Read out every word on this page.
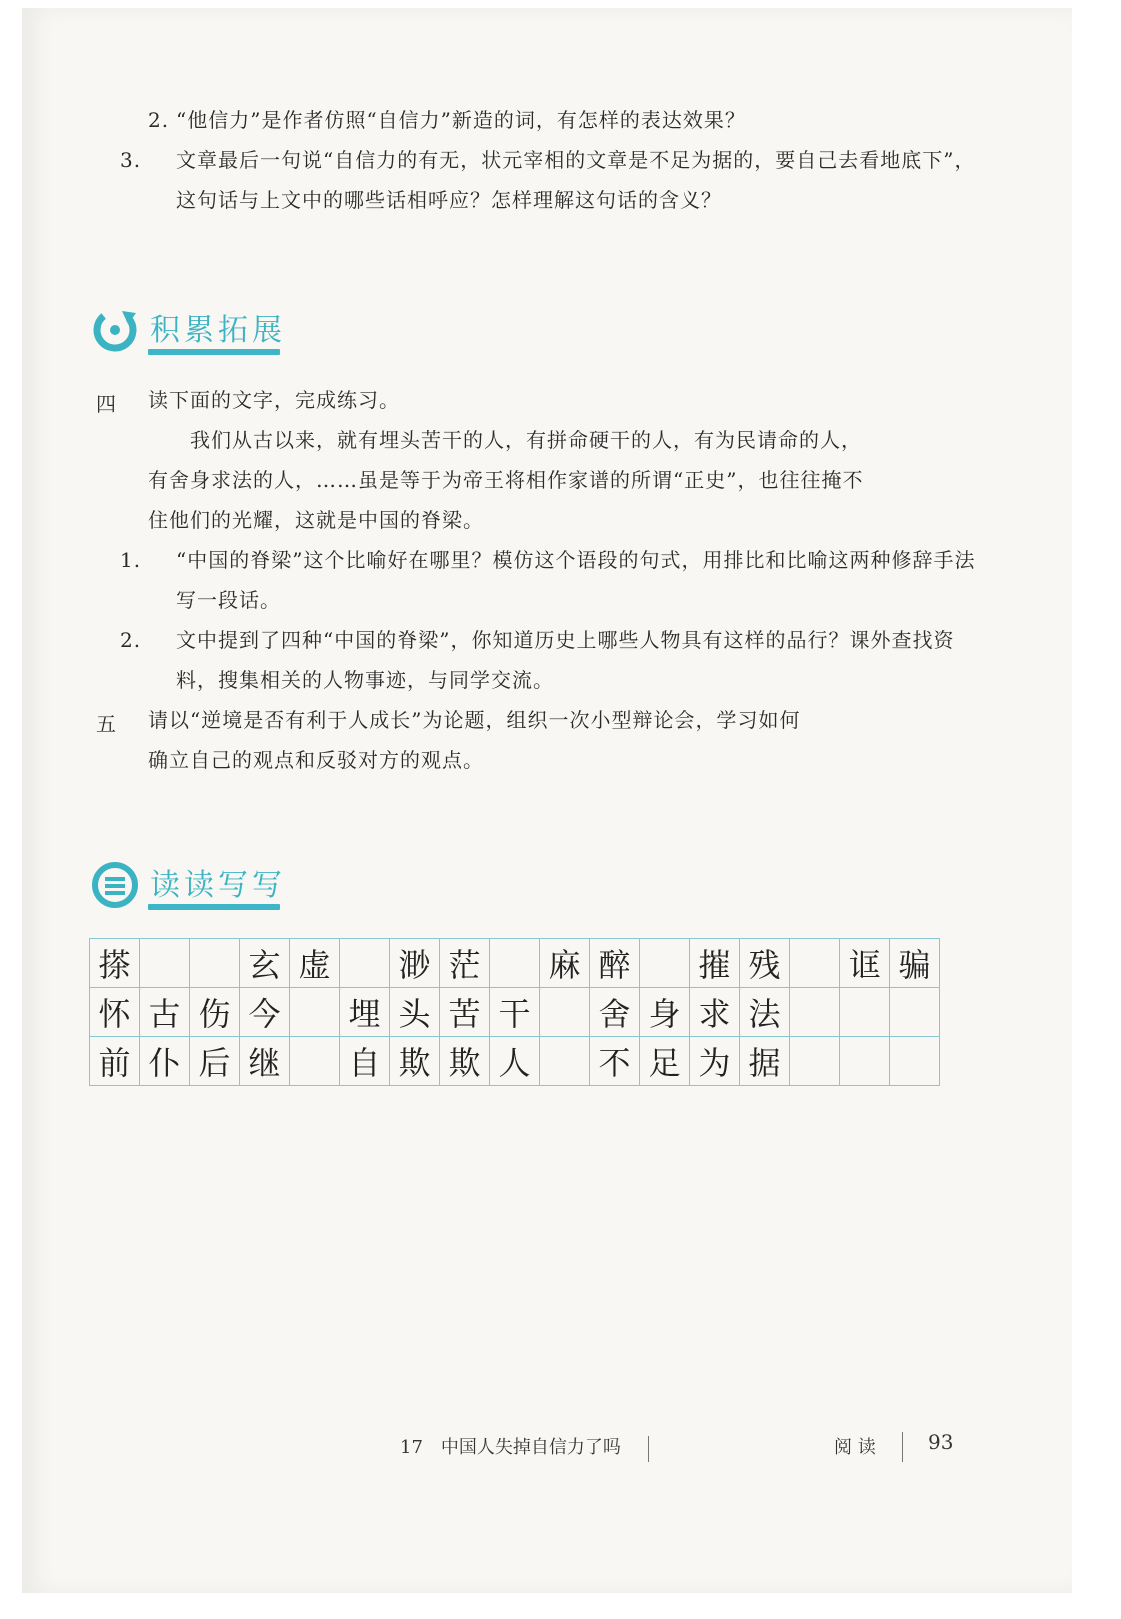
2. “他信力”是作者仿照“自信力”新造的词，有怎样的表达效果？
3. 文章最后一句说“自信力的有无，状元宰相的文章是不足为据的，要自己去看地底下”，这句话与上文中的哪些话相呼应？怎样理解这句话的含义？
积累拓展
四 读下面的文字，完成练习。
我们从古以来，就有埋头苦干的人，有拼命硬干的人，有为民请命的人，
有舍身求法的人，……虽是等于为帝王将相作家谱的所谓“正史”，也往往掩不
住他们的光耀，这就是中国的脊梁。
1. “中国的脊梁”这个比喻好在哪里？模仿这个语段的句式，用排比和比喻这两种修辞手法写一段话。
2. 文中提到了四种“中国的脊梁”，你知道历史上哪些人物具有这样的品行？课外查找资料，搜集相关的人物事迹，与同学交流。
五 请以“逆境是否有利于人成长”为论题，组织一次小型辩论会，学习如何
确立自己的观点和反驳对方的观点。
读读写写
搽			玄	虚		渺	茫		麻	醉		摧	残		诓	骗
怀	古	伤	今		埋	头	苦	干		舍	身	求	法			
前	仆	后	继		自	欺	欺	人		不	足	为	据			
17　中国人失掉自信力了吗	阅 读	93
